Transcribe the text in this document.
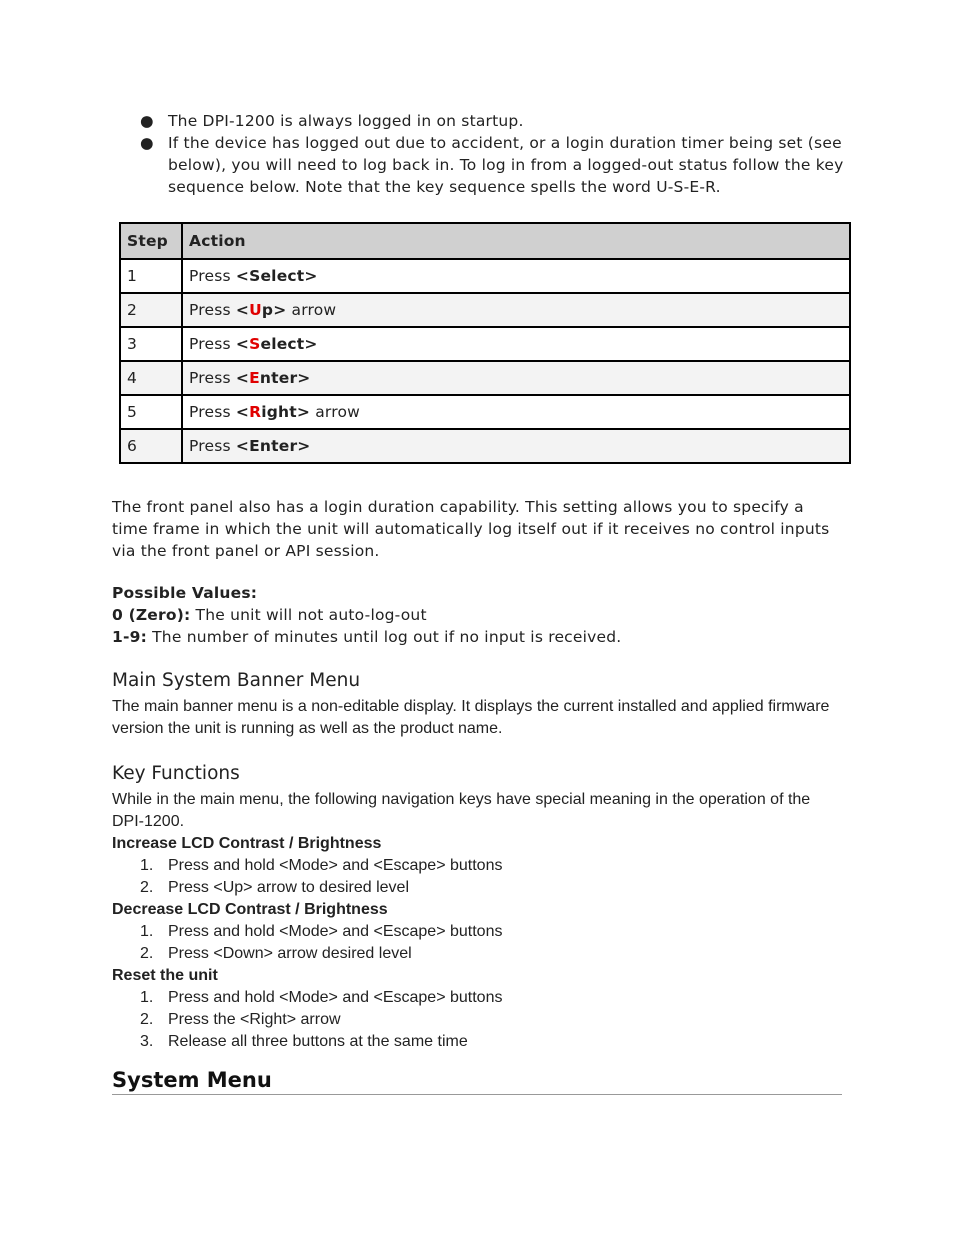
● The DPI-1200 is always logged in on startup.
● If the device has logged out due to accident, or a login duration timer being set (see below), you will need to log back in. To log in from a logged-out status follow the key sequence below. Note that the key sequence spells the word U-S-E-R.
Step	Action
1	Press <Select>
2	Press <Up> arrow
3	Press <Select>
4	Press <Enter>
5	Press <Right> arrow
6	Press <Enter>

The front panel also has a login duration capability. This setting allows you to specify a time frame in which the unit will automatically log itself out if it receives no control inputs via the front panel or API session.

Possible Values:
0 (Zero): The unit will not auto-log-out
1-9: The number of minutes until log out if no input is received.
Main System Banner Menu

The main banner menu is a non-editable display. It displays the current installed and applied firmware version the unit is running as well as the product name.

Key Functions

While in the main menu, the following navigation keys have special meaning in the operation of the DPI-1200.

Increase LCD Contrast / Brightness
1. Press and hold <Mode> and <Escape> buttons
2. Press <Up> arrow to desired level
Decrease LCD Contrast / Brightness
1. Press and hold <Mode> and <Escape> buttons
2. Press <Down> arrow desired level
Reset the unit
1. Press and hold <Mode> and <Escape> buttons
2. Press the <Right> arrow
3. Release all three buttons at the same time
System Menu
